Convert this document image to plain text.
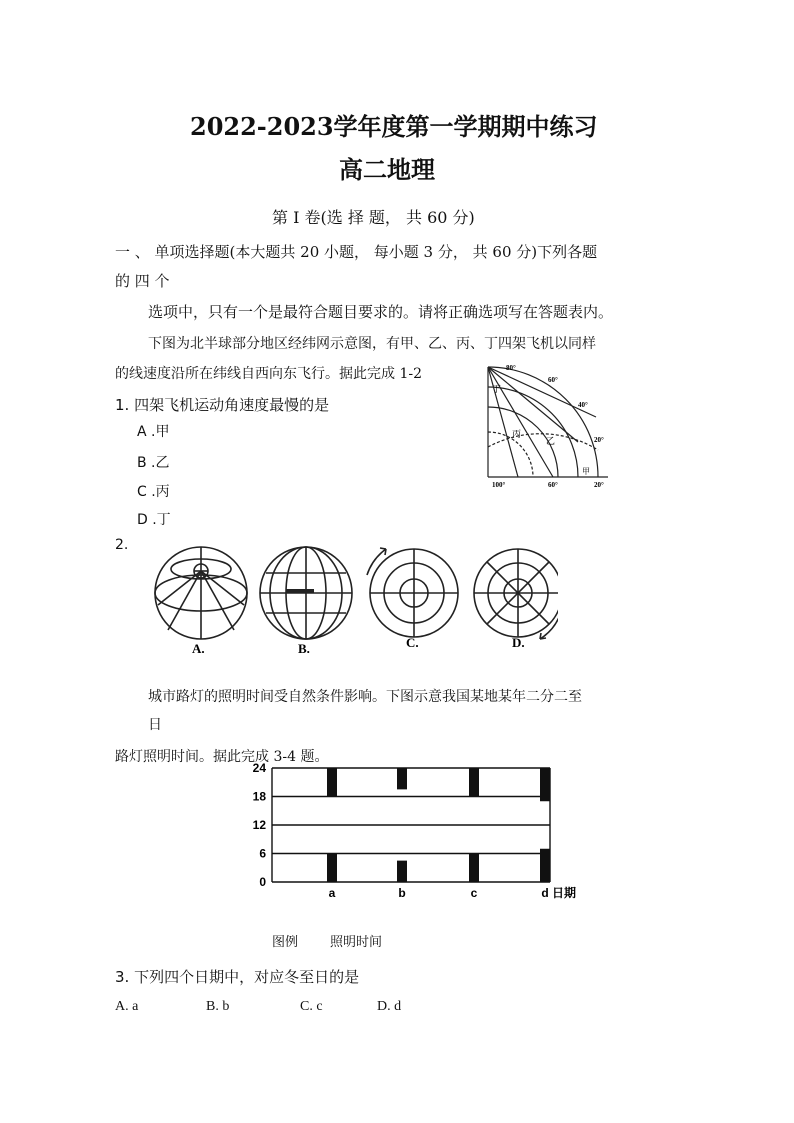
2022-2023学年度第一学期期中练习
高二地理
第 I 卷(选 择 题， 共 60 分)
一 、 单项选择题(本大题共 20 小题， 每小题 3 分， 共 60 分)下列各题
的 四 个
选项中，只有一个是最符合题目要求的。请将正确选项写在答题表内。
下图为北半球部分地区经纬网示意图，有甲、乙、丙、丁四架飞机以同样
的线速度沿所在纬线自西向东飞行。据此完成 1-2	80°
60°
40°
20°
100°	60°	20°
丁
丙
乙
甲
1. 四架飞机运动角速度最慢的是
A .甲
B .乙
C .丙
D .丁
2.
A.	B.	C.	D.
城市路灯的照明时间受自然条件影响。下图示意我国某地某年二分二至
日
路灯照明时间。据此完成 3-4 题。
24
18
12
6
0
a	b	c	d 日期
图例 照明时间
3. 下列四个日期中，对应冬至日的是
A. a	B. b	C. c	D. d
